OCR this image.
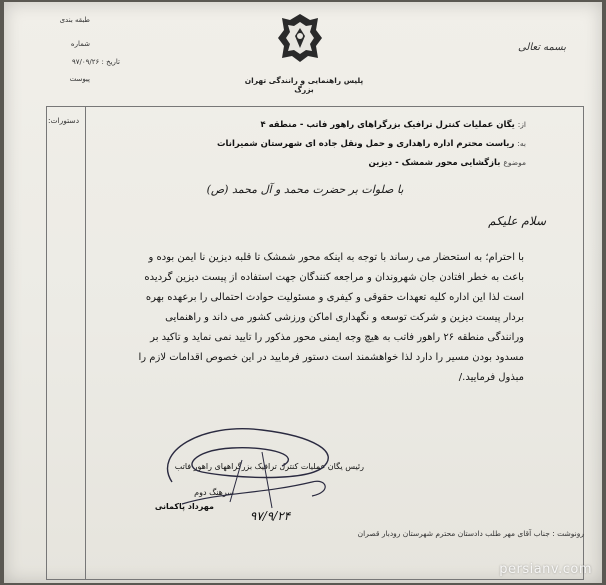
طبقه بندی
شماره
تاریخ : ۹۷/۰۹/۲۶
پیوست	پلیس راهنمایی و رانندگی تهران بزرگ
بسمه تعالی
دستورات:	از: یگان عملیات کنترل ترافیک بزرگراهای راهور فاتب - منطقه ۴
به: ریاست محترم اداره راهداری و حمل ونقل جاده ای شهرستان شمیرانات
موضوع بازگشایی محور شمشک - دیزین
با صلوات بر حضرت محمد و آل محمد (ص)
سلام علیکم
با احترام؛ به استحضار می رساند با توجه به اینکه محور شمشک تا قلبه دیزین نا ایمن بوده و
باعث به خطر افتادن جان شهروندان و مراجعه کنندگان جهت استفاده از پیست دیزین گردیده
است لذا این اداره کلیه تعهدات حقوقی و کیفری و مسئولیت حوادث احتمالی را برعهده بهره
بردار پیست دیزین و شرکت توسعه و نگهداری اماکن ورزشی کشور می داند و راهنمایی
ورانندگی منطقه ۲۶ راهور فاتب به هیچ وجه ایمنی محور مذکور را تایید نمی نماید و تاکید بر
مسدود بودن مسیر را دارد لذا خواهشمند است دستور فرمایید در این خصوص اقدامات لازم را
مبذول فرمایید./
رئیس یگان عملیات کنترل ترافیک بزرگراههای راهور فاتب
سرهنگ دوم
مهرداد پاکمانی
۹۷/۹/۲۴
رونوشت : جناب آقای مهر طلب دادستان محترم شهرستان رودبار قصران
persianv.com
